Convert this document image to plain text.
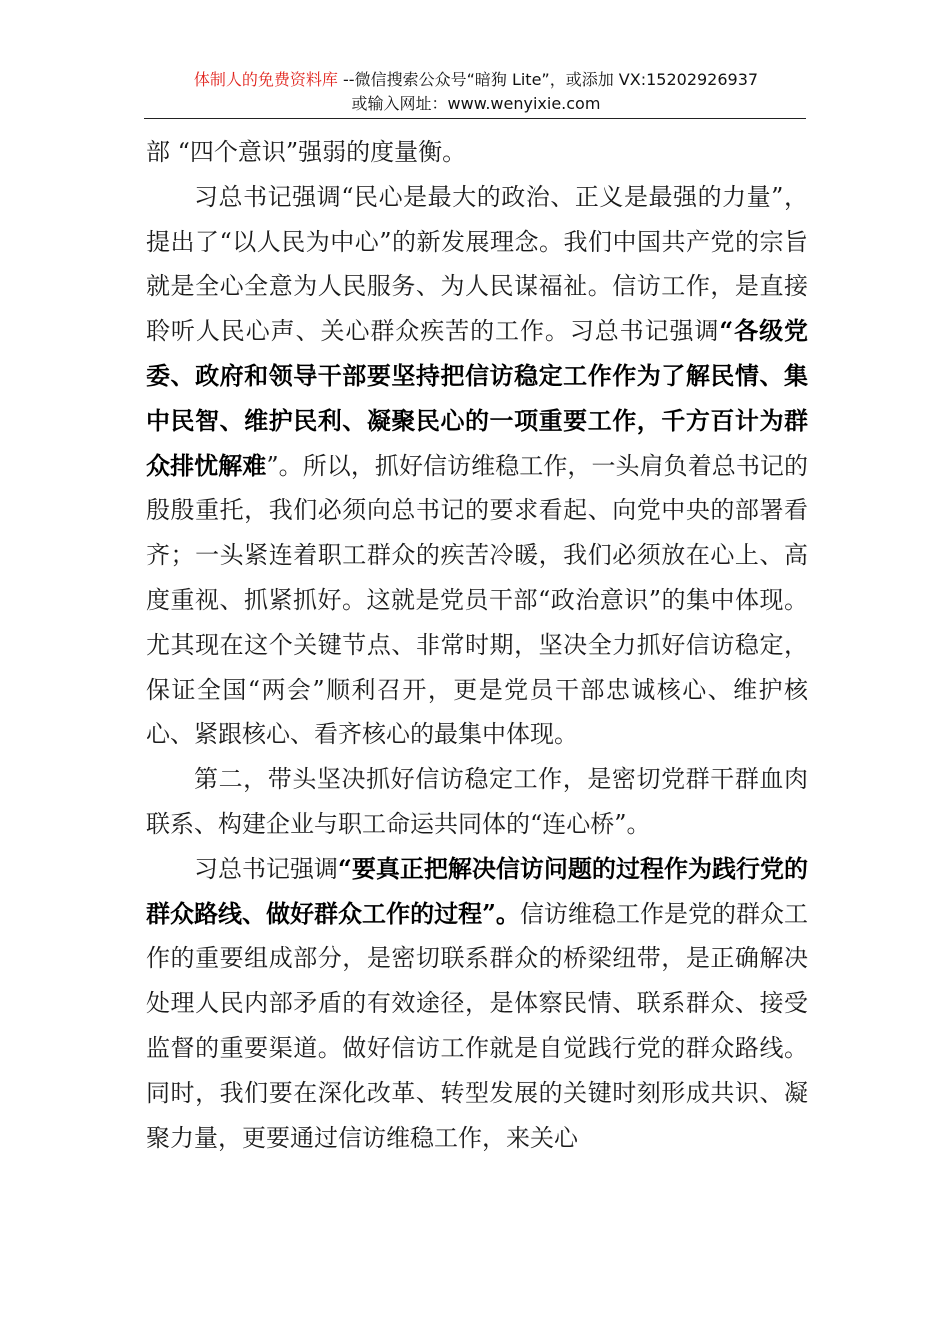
体制人的免费资料库 --微信搜索公众号“暗狗 Lite”，或添加 VX:15202926937
或输入网址：www.wenyixie.com

部 “四个意识”强弱的度量衡。

习总书记强调“民心是最大的政治、正义是最强的力量”，提出了“以人民为中心”的新发展理念。我们中国共产党的宗旨就是全心全意为人民服务、为人民谋福祉。信访工作，是直接聆听人民心声、关心群众疾苦的工作。习总书记强调“各级党委、政府和领导干部要坚持把信访稳定工作作为了解民情、集中民智、维护民利、凝聚民心的一项重要工作，千方百计为群众排忧解难”。所以，抓好信访维稳工作，一头肩负着总书记的殷殷重托，我们必须向总书记的要求看起、向党中央的部署看齐；一头紧连着职工群众的疾苦冷暖，我们必须放在心上、高度重视、抓紧抓好。这就是党员干部“政治意识”的集中体现。尤其现在这个关键节点、非常时期，坚决全力抓好信访稳定，保证全国“两会”顺利召开，更是党员干部忠诚核心、维护核心、紧跟核心、看齐核心的最集中体现。

第二，带头坚决抓好信访稳定工作，是密切党群干群血肉联系、构建企业与职工命运共同体的“连心桥”。

习总书记强调“要真正把解决信访问题的过程作为践行党的群众路线、做好群众工作的过程”。信访维稳工作是党的群众工作的重要组成部分，是密切联系群众的桥梁纽带，是正确解决处理人民内部矛盾的有效途径，是体察民情、联系群众、接受监督的重要渠道。做好信访工作就是自觉践行党的群众路线。同时，我们要在深化改革、转型发展的关键时刻形成共识、凝聚力量，更要通过信访维稳工作，来关心
